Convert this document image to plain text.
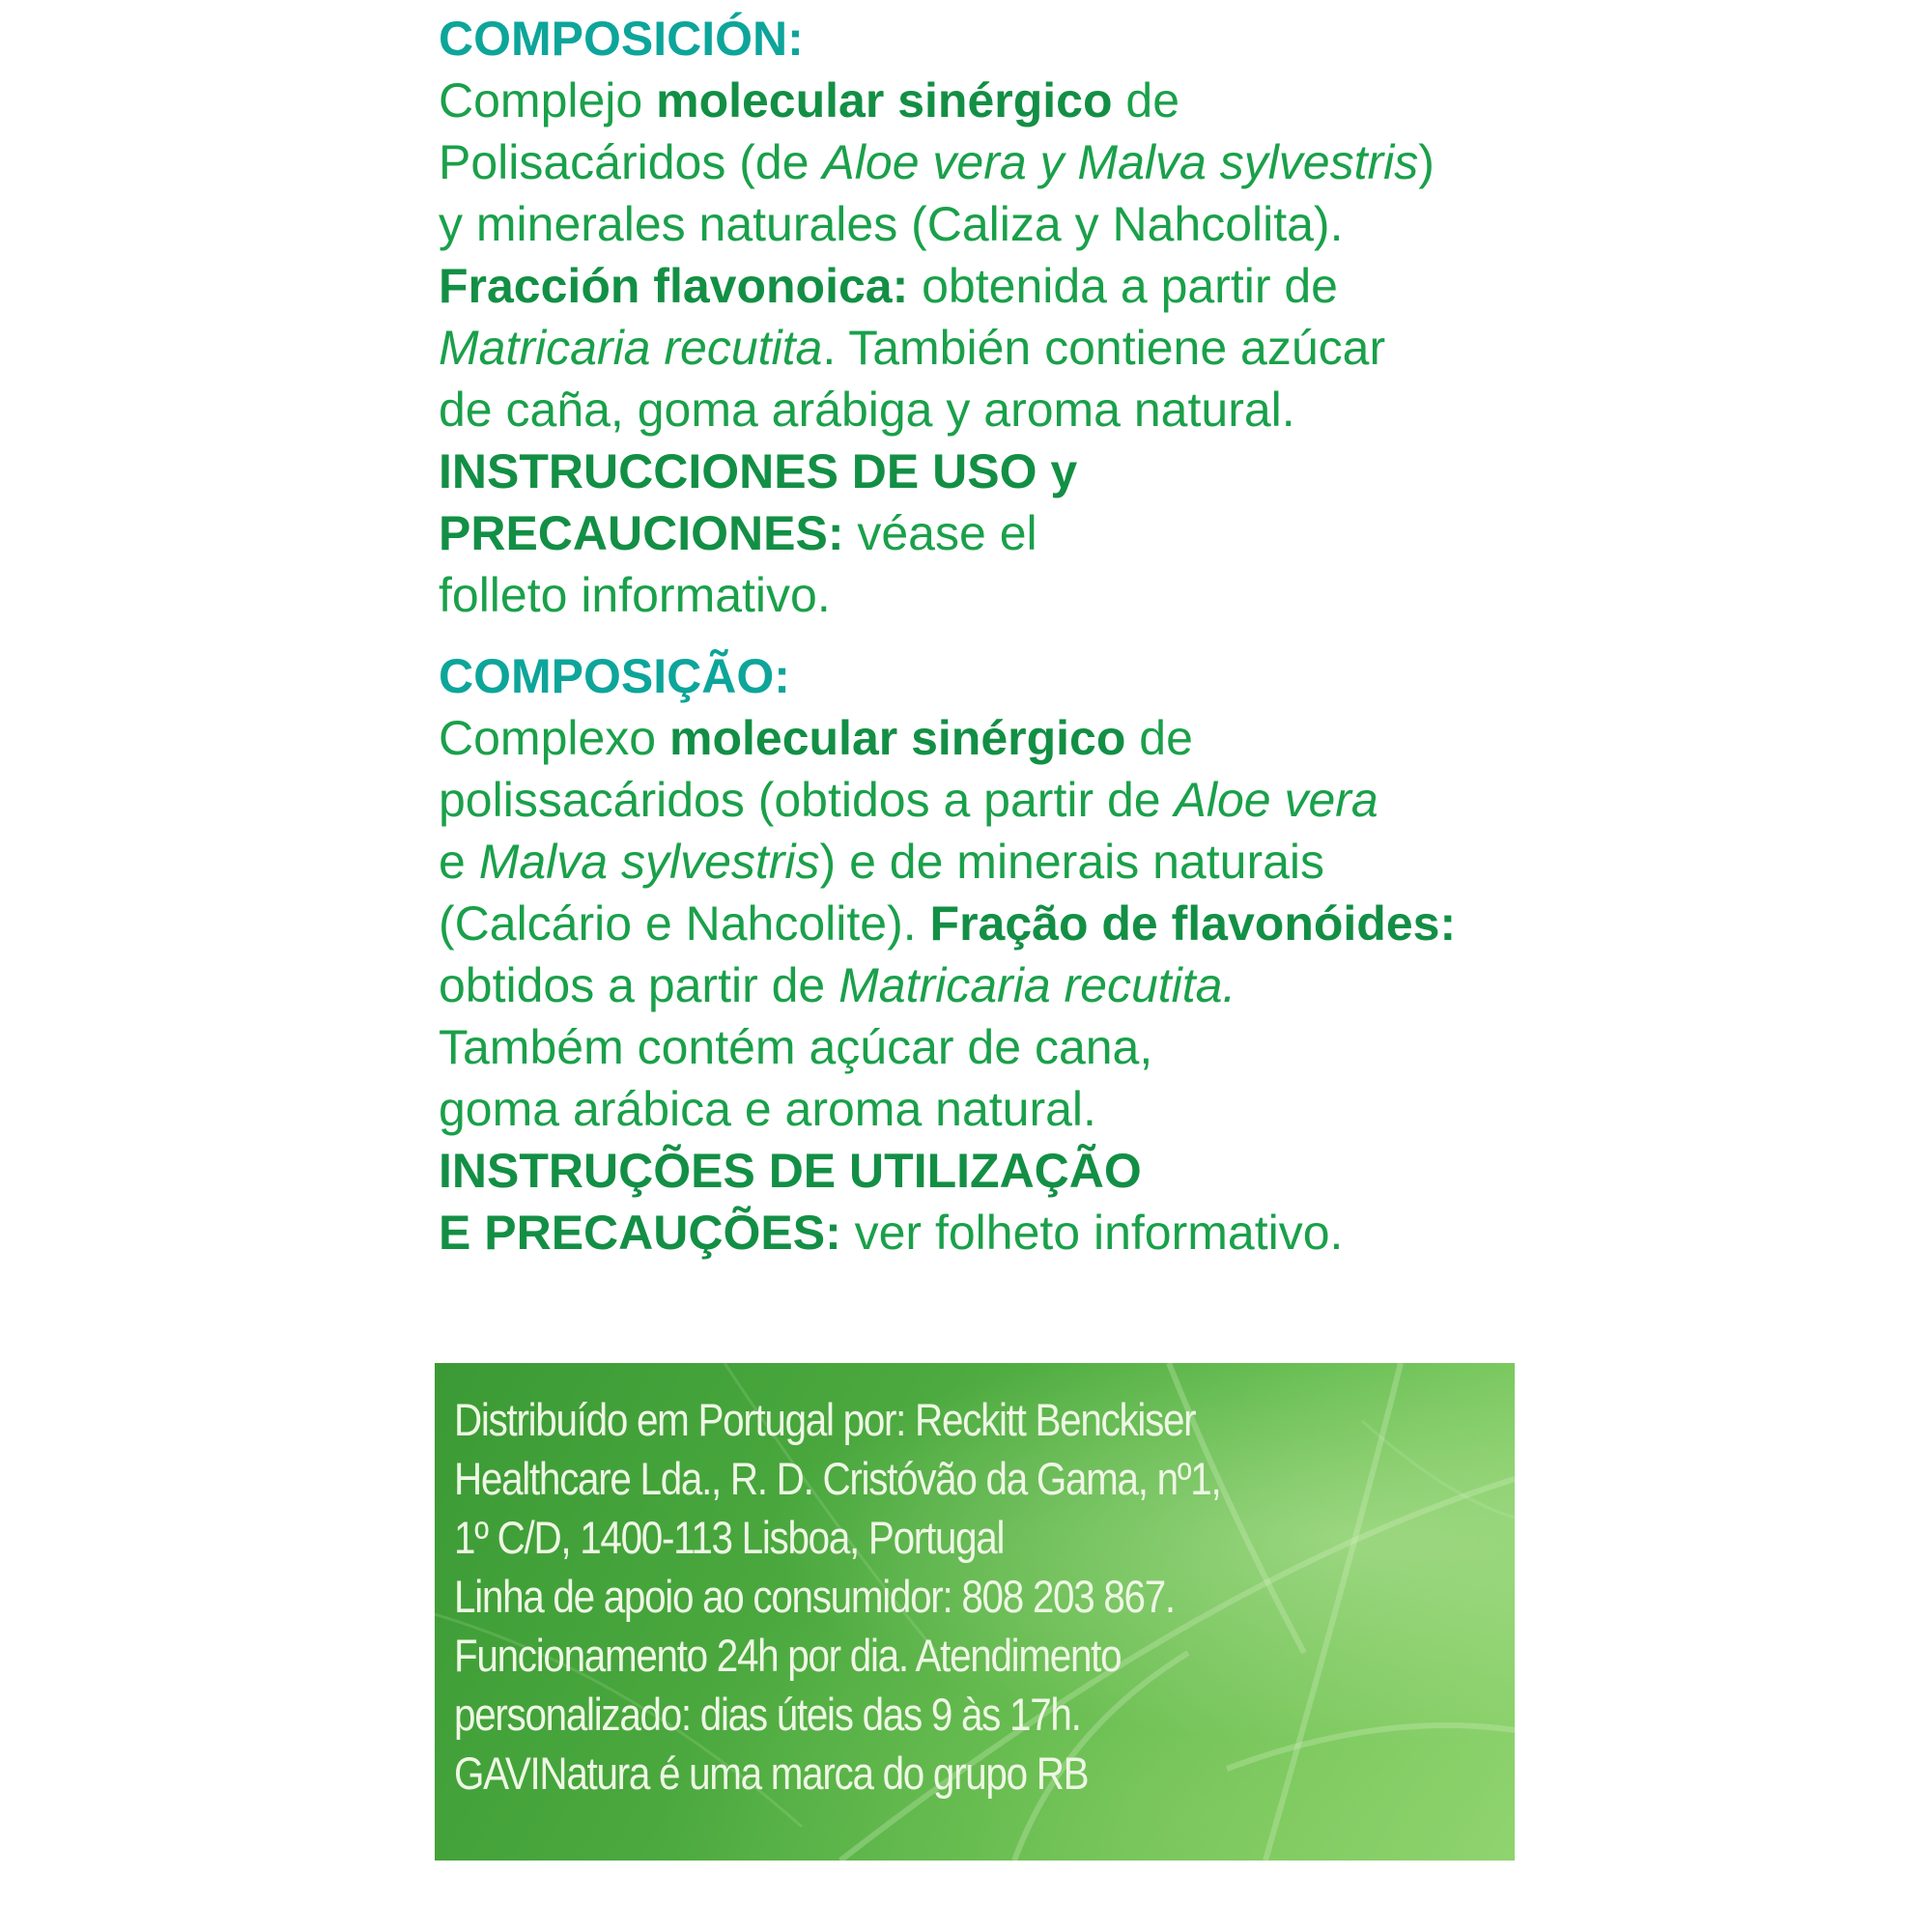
COMPOSICIÓN:
Complejo molecular sinérgico de
Polisacáridos (de Aloe vera y Malva sylvestris)
y minerales naturales (Caliza y Nahcolita).
Fracción flavonoica: obtenida a partir de
Matricaria recutita. También contiene azúcar
de caña, goma arábiga y aroma natural.
INSTRUCCIONES DE USO y
PRECAUCIONES: véase el
folleto informativo.
COMPOSIÇÃO:
Complexo molecular sinérgico de
polissacáridos (obtidos a partir de Aloe vera
e Malva sylvestris) e de minerais naturais
(Calcário e Nahcolite). Fração de flavonóides:
obtidos a partir de Matricaria recutita.
Também contém açúcar de cana,
goma arábica e aroma natural.
INSTRUÇÕES DE UTILIZAÇÃO
E PRECAUÇÕES: ver folheto informativo.
Distribuído em Portugal por: Reckitt Benckiser
Healthcare Lda., R. D. Cristóvão da Gama, nº1,
1º C/D, 1400-113 Lisboa, Portugal
Linha de apoio ao consumidor: 808 203 867.
Funcionamento 24h por dia. Atendimento
personalizado: dias úteis das 9 às 17h.
GAVINatura é uma marca do grupo RB
